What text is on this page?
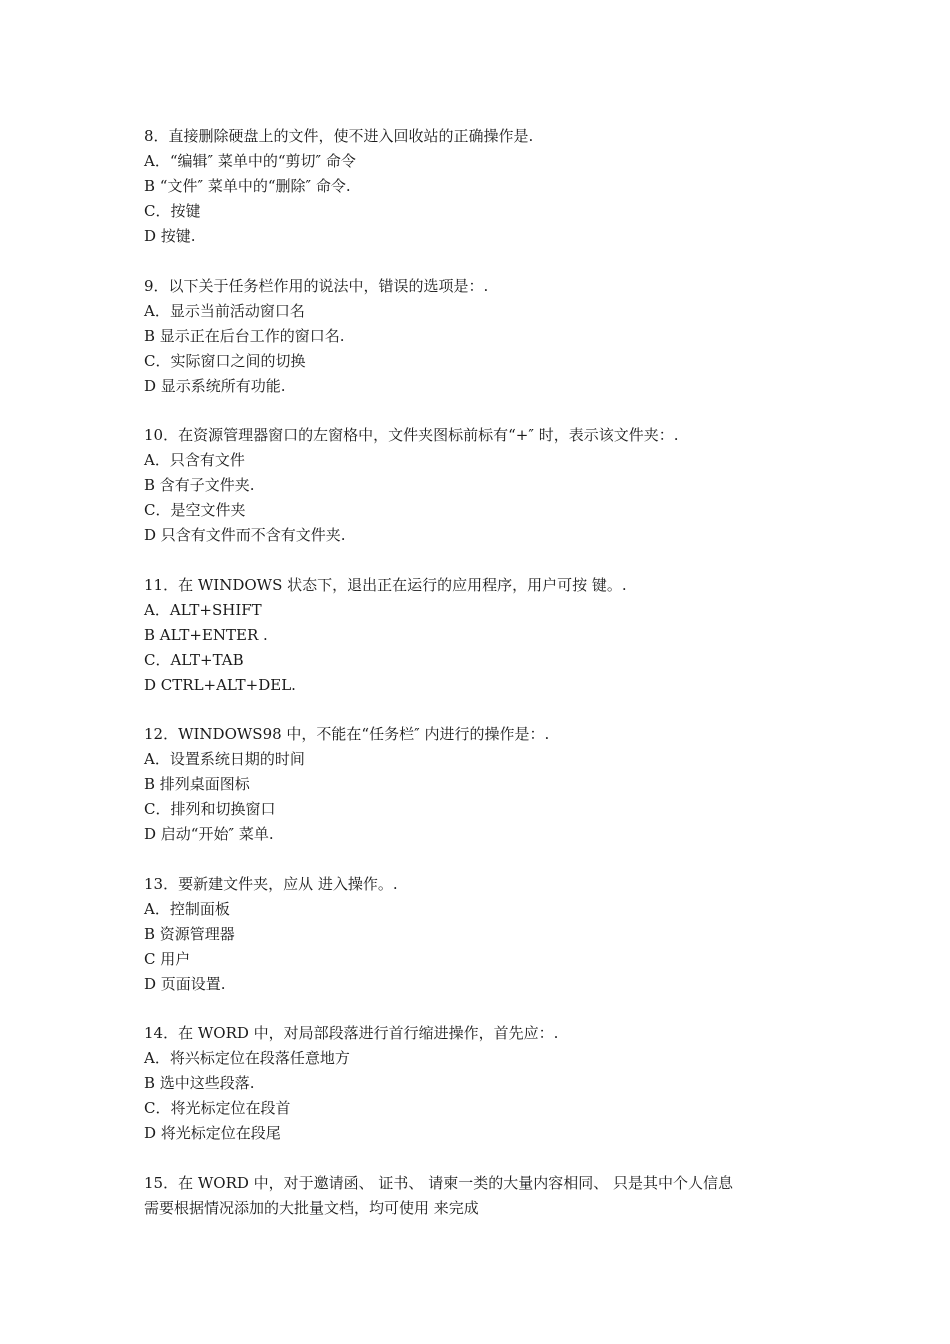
8．直接删除硬盘上的文件，使不进入回收站的正确操作是.
A．“编辑″ 菜单中的“剪切″ 命令
B “文件″ 菜单中的“删除″ 命令.
C．按键
D 按键.
9．以下关于任务栏作用的说法中，错误的选项是：.
A．显示当前活动窗口名
B 显示正在后台工作的窗口名.
C．实际窗口之间的切换
D 显示系统所有功能.
10．在资源管理器窗口的左窗格中，文件夹图标前标有“+″ 时，表示该文件夹：.
A．只含有文件
B 含有子文件夹.
C．是空文件夹
D 只含有文件而不含有文件夹.
11．在 WINDOWS 状态下，退出正在运行的应用程序，用户可按 键。.
A．ALT+SHIFT
B ALT+ENTER .
C．ALT+TAB
D CTRL+ALT+DEL.
12．WINDOWS98 中，不能在“任务栏″ 内进行的操作是：.
A．设置系统日期的时间
B 排列桌面图标
C．排列和切换窗口
D 启动“开始″ 菜单.
13．要新建文件夹，应从 进入操作。.
A．控制面板
B 资源管理器
C 用户
D 页面设置.
14．在 WORD 中，对局部段落进行首行缩进操作，首先应：.
A．将兴标定位在段落任意地方
B 选中这些段落.
C．将光标定位在段首
D 将光标定位在段尾
15．在 WORD 中，对于邀请函、 证书、 请柬一类的大量内容相同、 只是其中个人信息
需要根据情况添加的大批量文档，均可使用 来完成
